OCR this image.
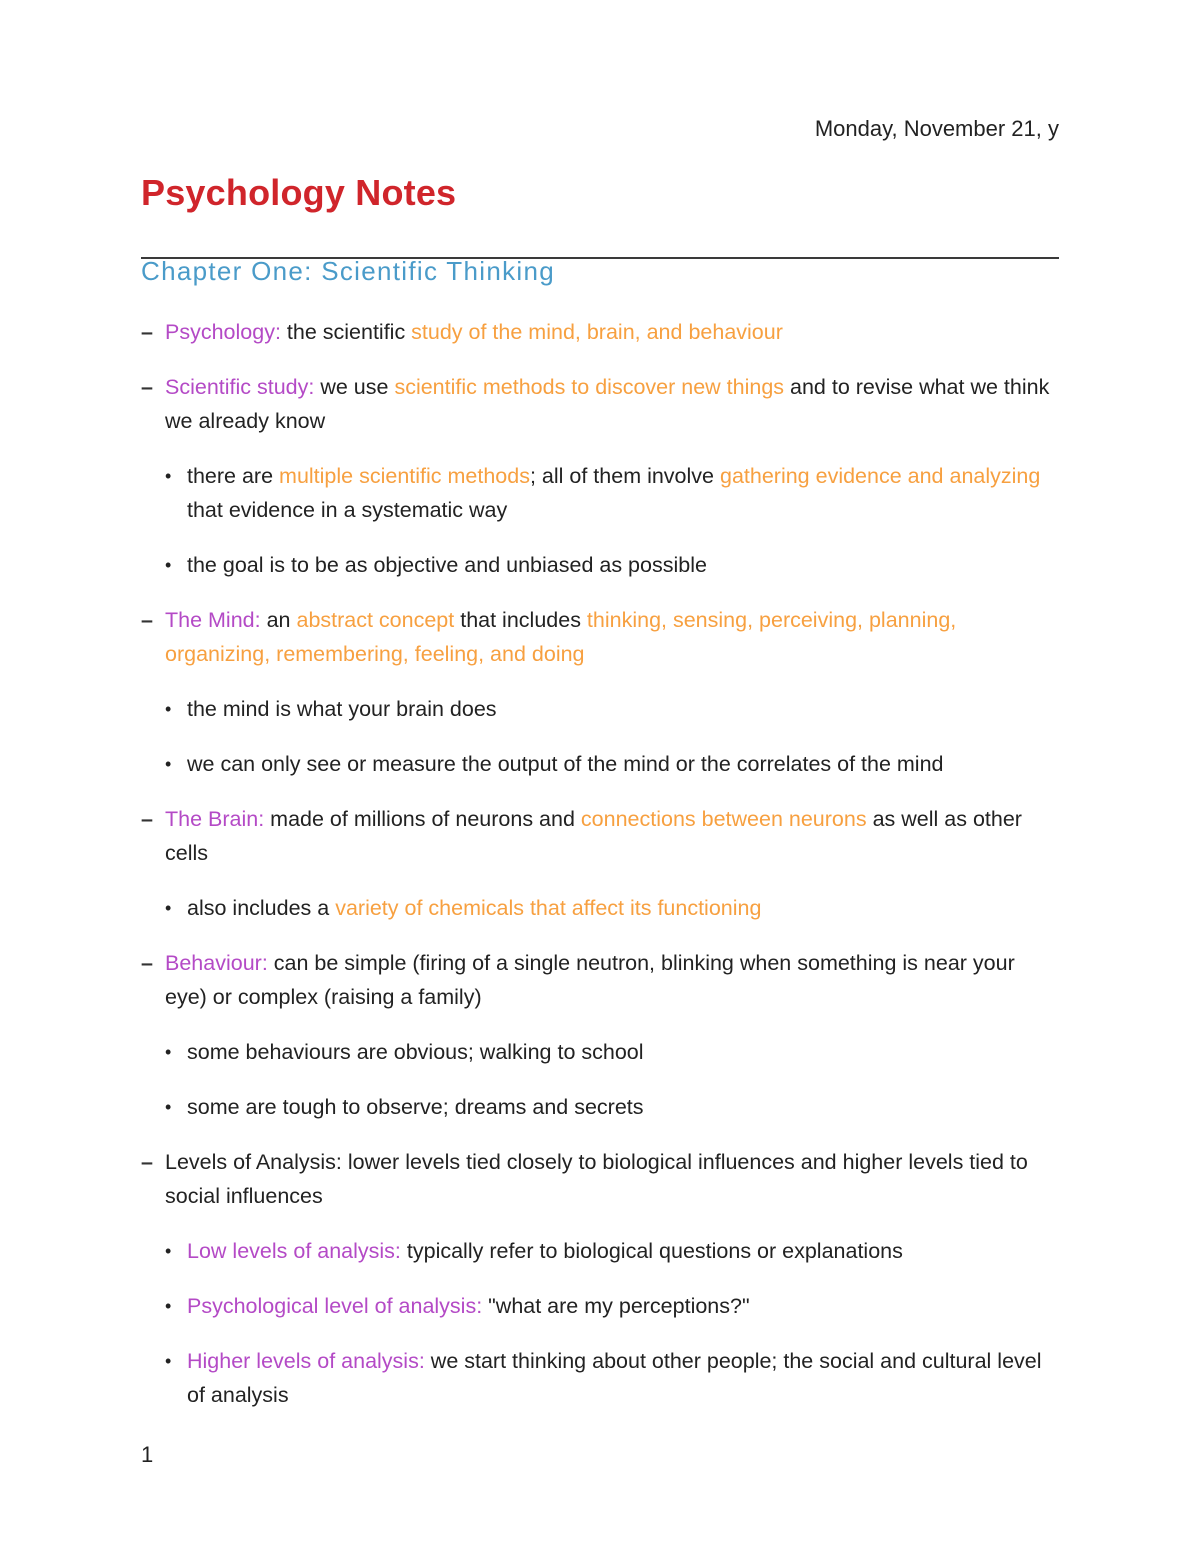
Monday, November 21, y
Psychology Notes
Chapter One: Scientific Thinking
– Psychology: the scientific study of the mind, brain, and behaviour
– Scientific study: we use scientific methods to discover new things and to revise what we think we already know
• there are multiple scientific methods; all of them involve gathering evidence and analyzing that evidence in a systematic way
• the goal is to be as objective and unbiased as possible
– The Mind: an abstract concept that includes thinking, sensing, perceiving, planning, organizing, remembering, feeling, and doing
• the mind is what your brain does
• we can only see or measure the output of the mind or the correlates of the mind
– The Brain: made of millions of neurons and connections between neurons as well as other cells
• also includes a variety of chemicals that affect its functioning
– Behaviour: can be simple (firing of a single neutron, blinking when something is near your eye) or complex (raising a family)
• some behaviours are obvious; walking to school
• some are tough to observe; dreams and secrets
– Levels of Analysis: lower levels tied closely to biological influences and higher levels tied to social influences
• Low levels of analysis: typically refer to biological questions or explanations
• Psychological level of analysis: "what are my perceptions?"
• Higher levels of analysis: we start thinking about other people; the social and cultural level of analysis
1
